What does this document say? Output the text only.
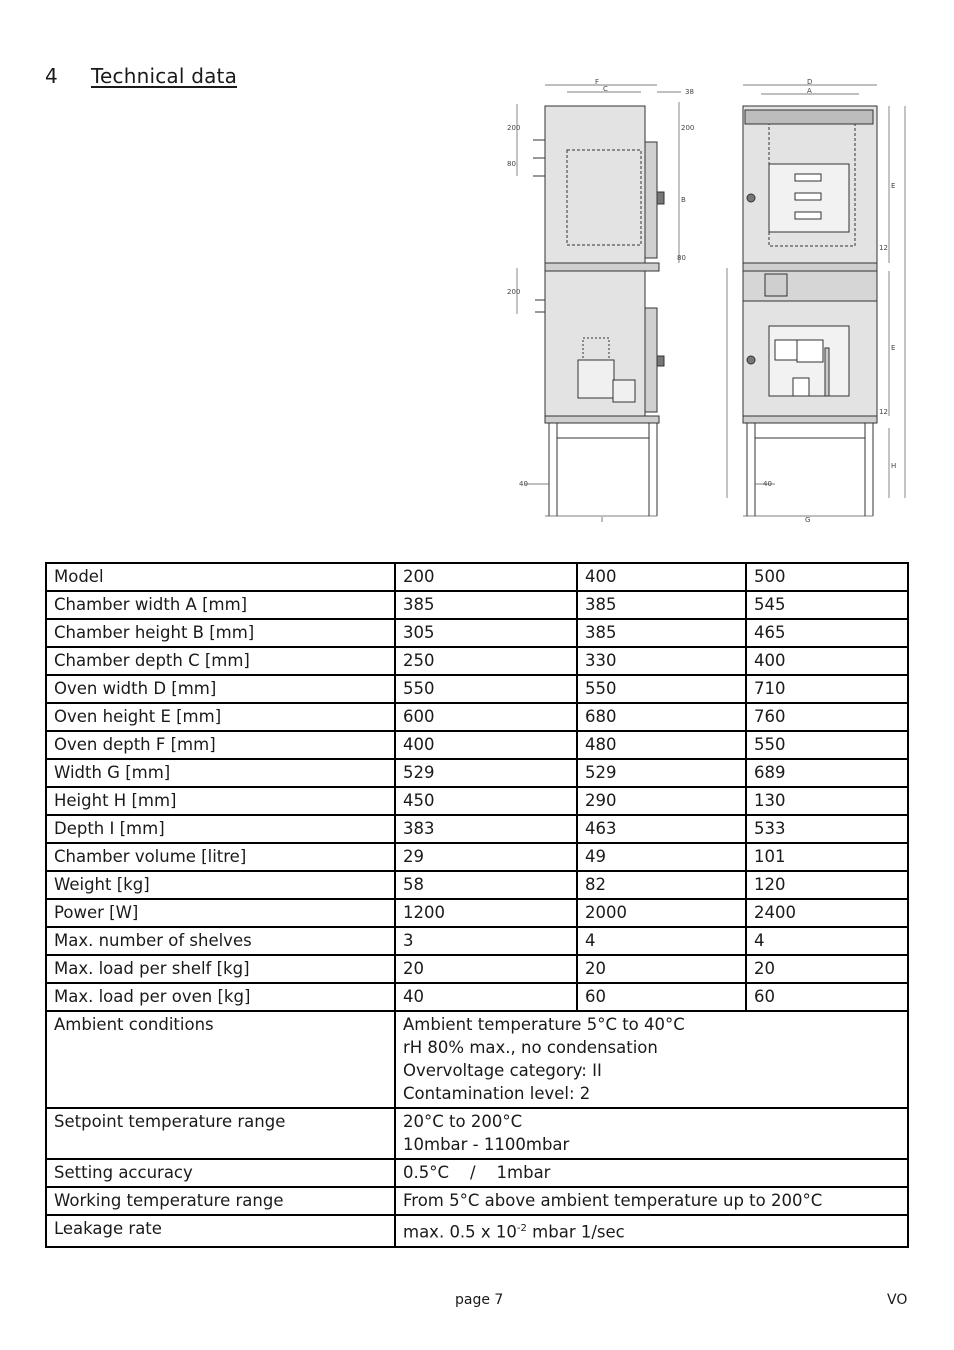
4 Technical data	F
C	38
D
A
I	G
B
E
E
H
200	200
200
80
80
12
12
40	40
Model	200	400	500
Chamber width A [mm]	385	385	545
Chamber height B [mm]	305	385	465
Chamber depth C [mm]	250	330	400
Oven width D [mm]	550	550	710
Oven height E [mm]	600	680	760
Oven depth F [mm]	400	480	550
Width G [mm]	529	529	689
Height H [mm]	450	290	130
Depth I [mm]	383	463	533
Chamber volume [litre]	29	49	101
Weight [kg]	58	82	120
Power [W]	1200	2000	2400
Max. number of shelves	3	4	4
Max. load per shelf [kg]	20	20	20
Max. load per oven [kg]	40	60	60
Ambient conditions	Ambient temperature 5°C to 40°C
rH 80% max., no condensation
Overvoltage category: II
Contamination level: 2		

Setpoint temperature range	20°C to 200°C
10mbar - 1100mbar		

Setting accuracy	0.5°C    /    1mbar		
Working temperature range	From 5°C above ambient temperature up to 200°C		
Leakage rate	max. 0.5 x $10^{-2}$ mbar 1/sec		
page 7	VO
